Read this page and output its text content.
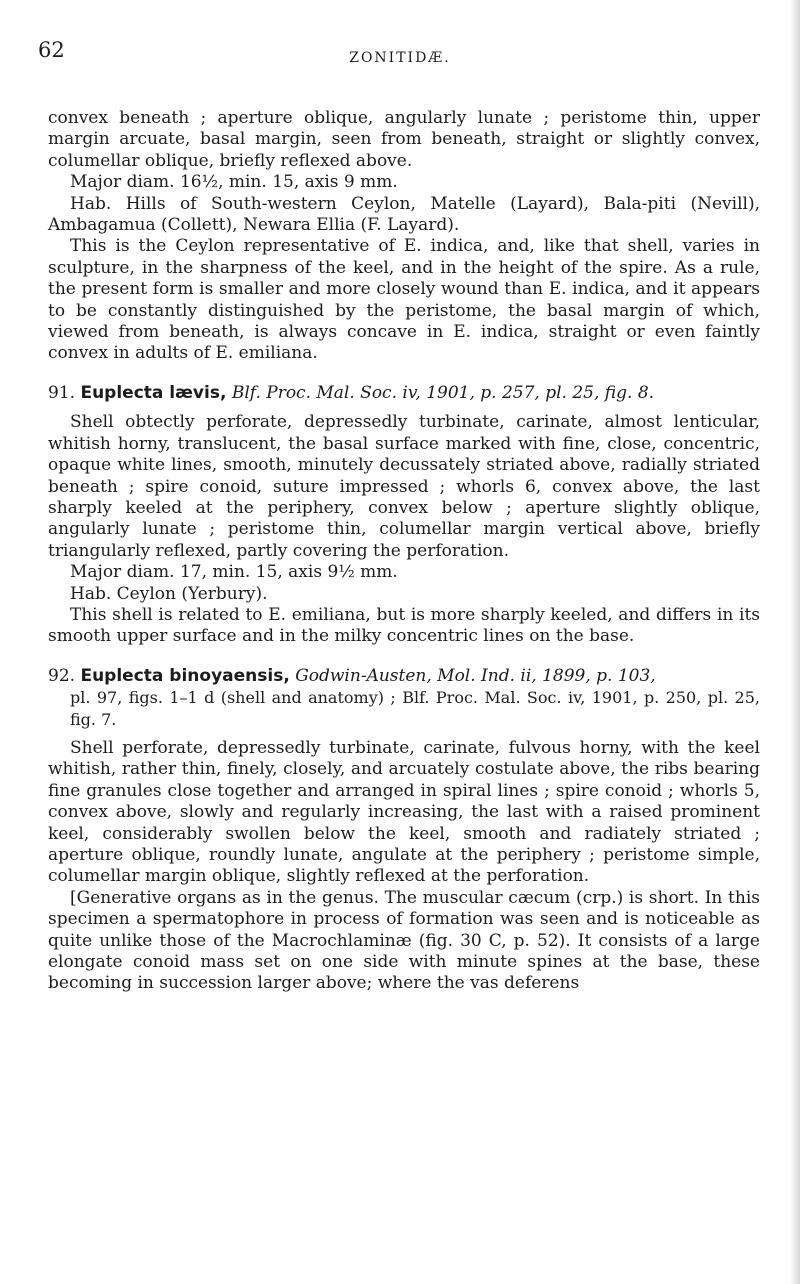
62	ZONITIDÆ.

convex beneath ; aperture oblique, angularly lunate ; peristome thin, upper margin arcuate, basal margin, seen from beneath, straight or slightly convex, columellar oblique, briefly reflexed above.

Major diam. 16½, min. 15, axis 9 mm.

Hab. Hills of South-western Ceylon, Matelle (Layard), Bala-piti (Nevill), Ambagamua (Collett), Newara Ellia (F. Layard).

This is the Ceylon representative of E. indica, and, like that shell, varies in sculpture, in the sharpness of the keel, and in the height of the spire. As a rule, the present form is smaller and more closely wound than E. indica, and it appears to be constantly distinguished by the peristome, the basal margin of which, viewed from beneath, is always concave in E. indica, straight or even faintly convex in adults of E. emiliana.

91. Euplecta lævis, Blf. Proc. Mal. Soc. iv, 1901, p. 257, pl. 25, fig. 8.

Shell obtectly perforate, depressedly turbinate, carinate, almost lenticular, whitish horny, translucent, the basal surface marked with fine, close, concentric, opaque white lines, smooth, minutely decussately striated above, radially striated beneath ; spire conoid, suture impressed ; whorls 6, convex above, the last sharply keeled at the periphery, convex below ; aperture slightly oblique, angularly lunate ; peristome thin, columellar margin vertical above, briefly triangularly reflexed, partly covering the perforation.

Major diam. 17, min. 15, axis 9½ mm.

Hab. Ceylon (Yerbury).

This shell is related to E. emiliana, but is more sharply keeled, and differs in its smooth upper surface and in the milky concentric lines on the base.

92. Euplecta binoyaensis, Godwin-Austen, Mol. Ind. ii, 1899, p. 103,

pl. 97, figs. 1–1 d (shell and anatomy) ; Blf. Proc. Mal. Soc. iv, 1901, p. 250, pl. 25, fig. 7.

Shell perforate, depressedly turbinate, carinate, fulvous horny, with the keel whitish, rather thin, finely, closely, and arcuately costulate above, the ribs bearing fine granules close together and arranged in spiral lines ; spire conoid ; whorls 5, convex above, slowly and regularly increasing, the last with a raised prominent keel, considerably swollen below the keel, smooth and radiately striated ; aperture oblique, roundly lunate, angulate at the periphery ; peristome simple, columellar margin oblique, slightly reflexed at the perforation.

[Generative organs as in the genus. The muscular cæcum (crp.) is short. In this specimen a spermatophore in process of formation was seen and is noticeable as quite unlike those of the Macrochlaminæ (fig. 30 C, p. 52). It consists of a large elongate conoid mass set on one side with minute spines at the base, these becoming in succession larger above; where the vas deferens
